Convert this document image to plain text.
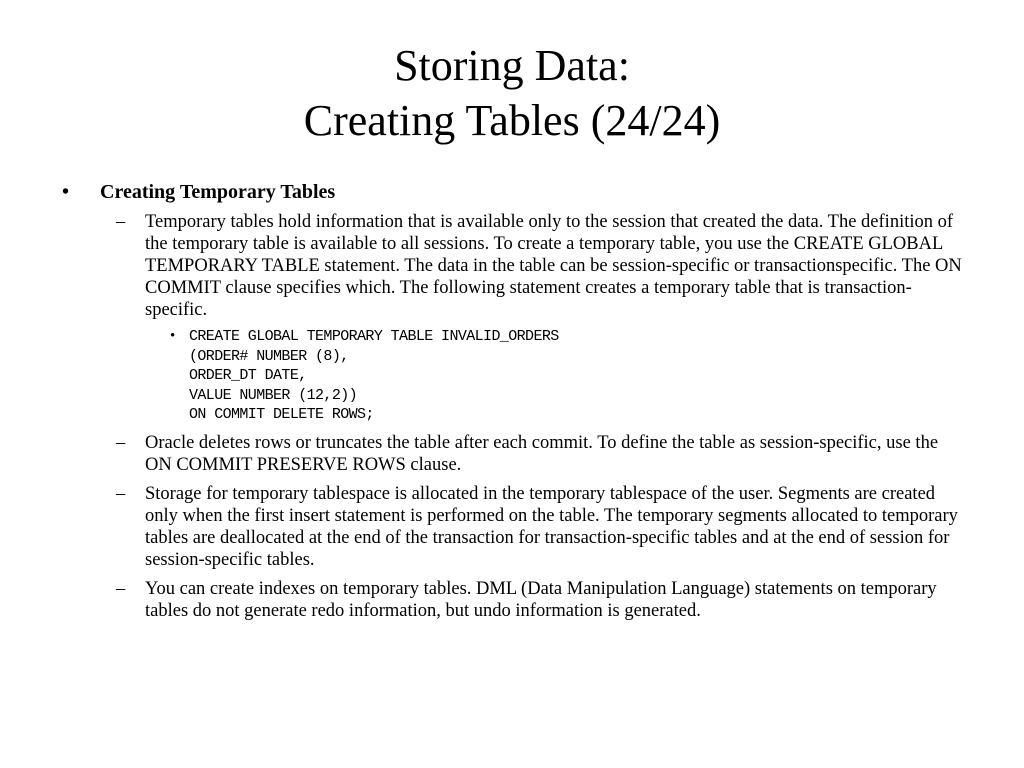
Storing Data:
Creating Tables (24/24)
• Creating Temporary Tables
– Temporary tables hold information that is available only to the session that created the data. The definition of the temporary table is available to all sessions. To create a temporary table, you use the CREATE GLOBAL TEMPORARY TABLE statement. The data in the table can be session-specific or transactionspecific. The ON COMMIT clause specifies which. The following statement creates a temporary table that is transaction-specific.
• CREATE GLOBAL TEMPORARY TABLE INVALID_ORDERS
(ORDER# NUMBER (8),
ORDER_DT DATE,
VALUE NUMBER (12,2))
ON COMMIT DELETE ROWS;
– Oracle deletes rows or truncates the table after each commit. To define the table as session-specific, use the ON COMMIT PRESERVE ROWS clause.
– Storage for temporary tablespace is allocated in the temporary tablespace of the user. Segments are created only when the first insert statement is performed on the table. The temporary segments allocated to temporary tables are deallocated at the end of the transaction for transaction-specific tables and at the end of session for session-specific tables.
– You can create indexes on temporary tables. DML (Data Manipulation Language) statements on temporary tables do not generate redo information, but undo information is generated.
